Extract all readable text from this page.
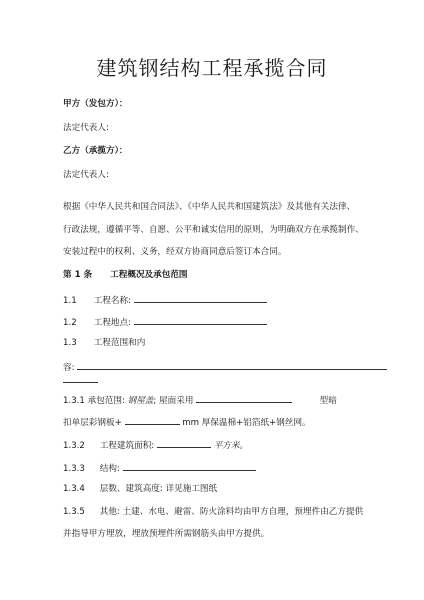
建筑钢结构工程承揽合同
甲方（发包方）：
法定代表人:
乙方（承揽方）：
法定代表人:
根据《中华人民共和国合同法》、《中华人民共和国建筑法》及其他有关法律、
行政法规，遵循平等、自愿、公平和诚实信用的原则，为明确双方在承揽制作、
安装过程中的权利、义务，经双方协商同意后签订本合同。
第 1 条 工程概况及承包范围
1.1 工程名称:
1.2 工程地点:
1.3 工程范围和内
容:
1.3.1 承包范围: 钢屋盖; 屋面采用	型暗
扣单层彩钢板+	mm 厚保温棉+铝箔纸+钢丝网。
1.3.2 工程建筑面积:	平方米。
1.3.3 结构:
1.3.4 层数、建筑高度: 详见施工图纸
1.3.5 其他: 土建、水电、避雷、防火涂料均由甲方自理，预埋件由乙方提供
并指导甲方埋放，埋放预埋件所需钢筋头由甲方提供。
